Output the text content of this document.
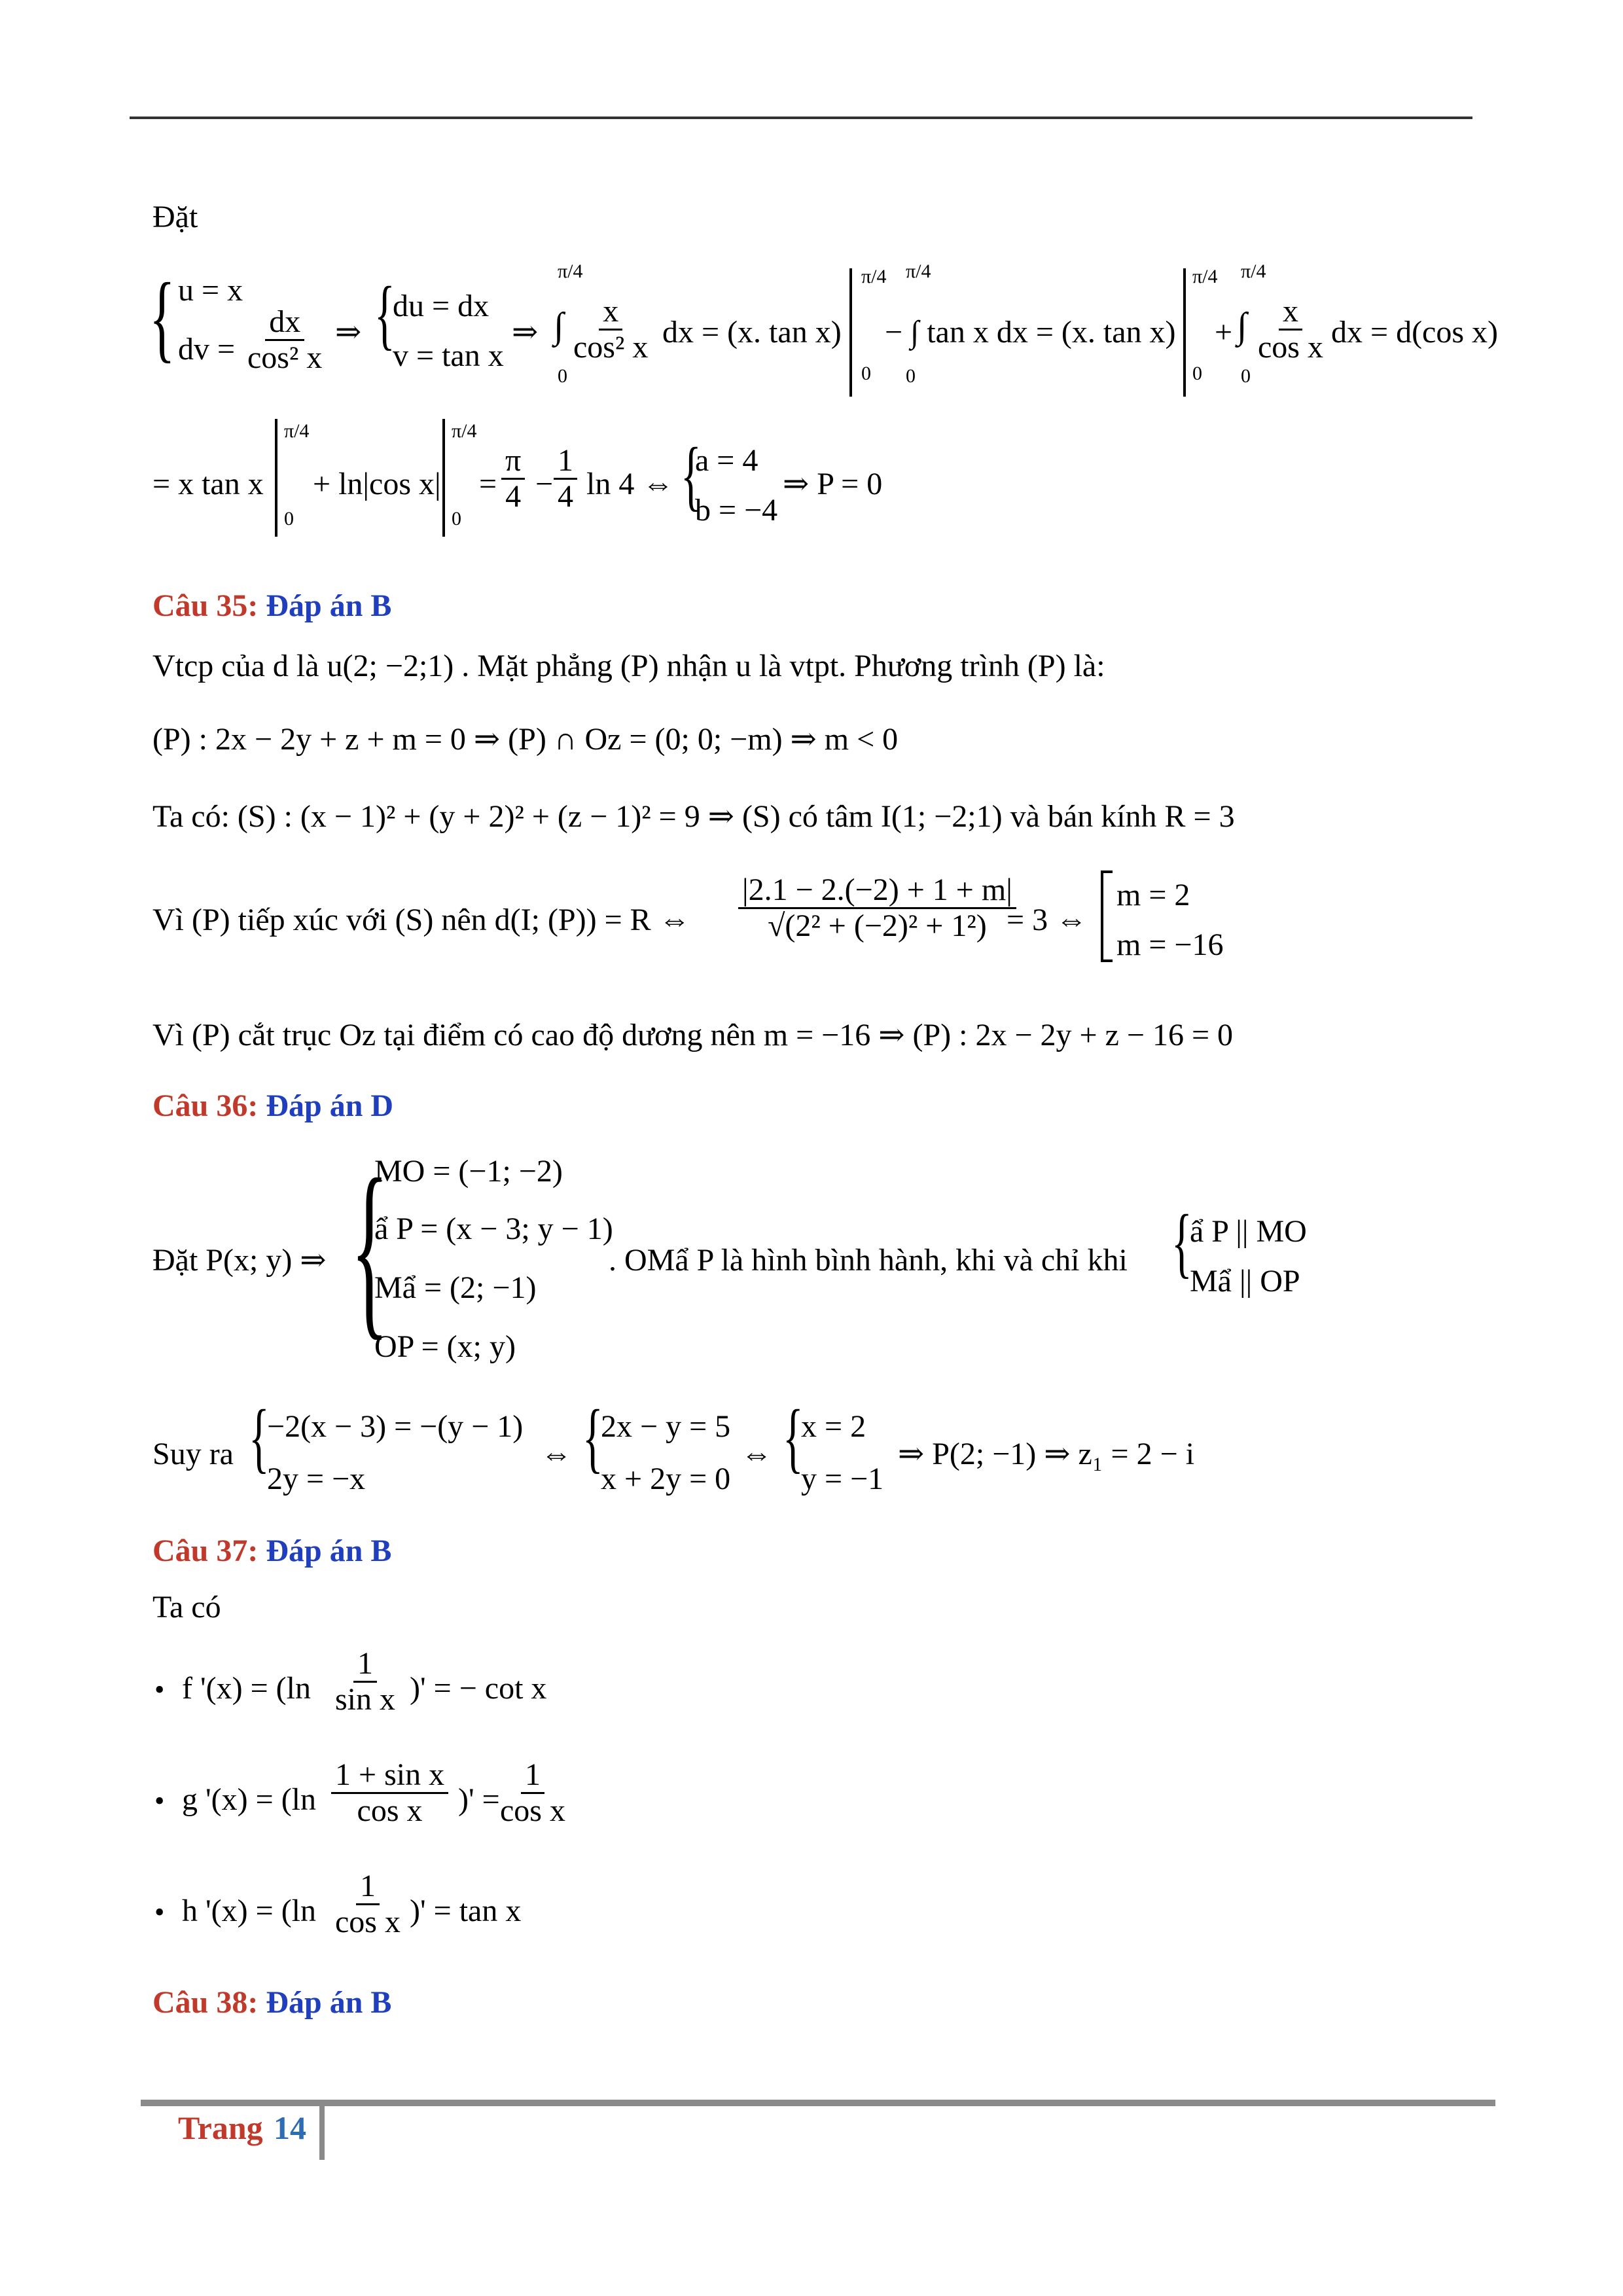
Đặt
{ u = x
dv = $\frac{dx}{\text{cos² x}}$ ⇒ {
du = dx
v = tan x
⇒
π/4
∫
0
$\frac{x}{\text{cos² x}}$ dx = (x. tan x)
π/4
0
π/4
0
− ∫ tan x dx = (x. tan x)
π/4
0
+
π/4
∫
0
$\frac{x}{\text{cos x}}$ dx = d(cos x)
= x tan x
π/4
0
+ ln|cos x|
π/4
0
= $\frac{\pi}{4} - \frac{1}{4}$ ln 4 ⇔ {
a = 4
b = −4
⇒ P = 0
Câu 35: Đáp án B
Vtcp của d là u(2; −2;1) . Mặt phẳng (P) nhận u là vtpt. Phương trình (P) là:
(P) : 2x − 2y + z + m = 0 ⇒ (P) ∩ Oz = (0; 0; −m) ⇒ m < 0
Ta có: (S) : (x − 1)² + (y + 2)² + (z − 1)² = 9 ⇒ (S) có tâm I(1; −2;1) và bán kính R = 3
Vì (P) tiếp xúc với (S) nên d(I; (P)) = R ⇔ $\frac{|2.1 - 2.(-2) + 1 + m|}{\text{√(2² + (−2)² + 1²)}}$
= 3 ⇔
m = 2
m = −16
Vì (P) cắt trục Oz tại điểm có cao độ dương nên m = −16 ⇒ (P) : 2x − 2y + z − 16 = 0
Câu 36: Đáp án D
Đặt P(x; y) ⇒ {
MO = (−1; −2)
ẩ P = (x − 3; y − 1)
Mẩ = (2; −1)
OP = (x; y)
. OMẩ P là hình bình hành, khi và chỉ khi {
ẩ P || MO
Mẩ || OP
Suy ra {
−2(x − 3) = −(y − 1)
2y = −x
⇔ {
2x − y = 5
x + 2y = 0
⇔ {
x = 2
y = −1
⇒ P(2; −1) ⇒ z₁ = 2 − i
Câu 37: Đáp án B
Ta có
• f '$(x) = (\ln \frac{1}{\text{sin x}}$ )' = − cot x
• g '$(x) = (\ln \frac{\text{1 + sin x}}{\text{cos x}}$ )' =
$\frac{1}{\text{cos x}}$
• h '$(x) = (\ln \frac{1}{\text{cos x}}$ )' = tan x
Câu 38: Đáp án B
Trang 14
